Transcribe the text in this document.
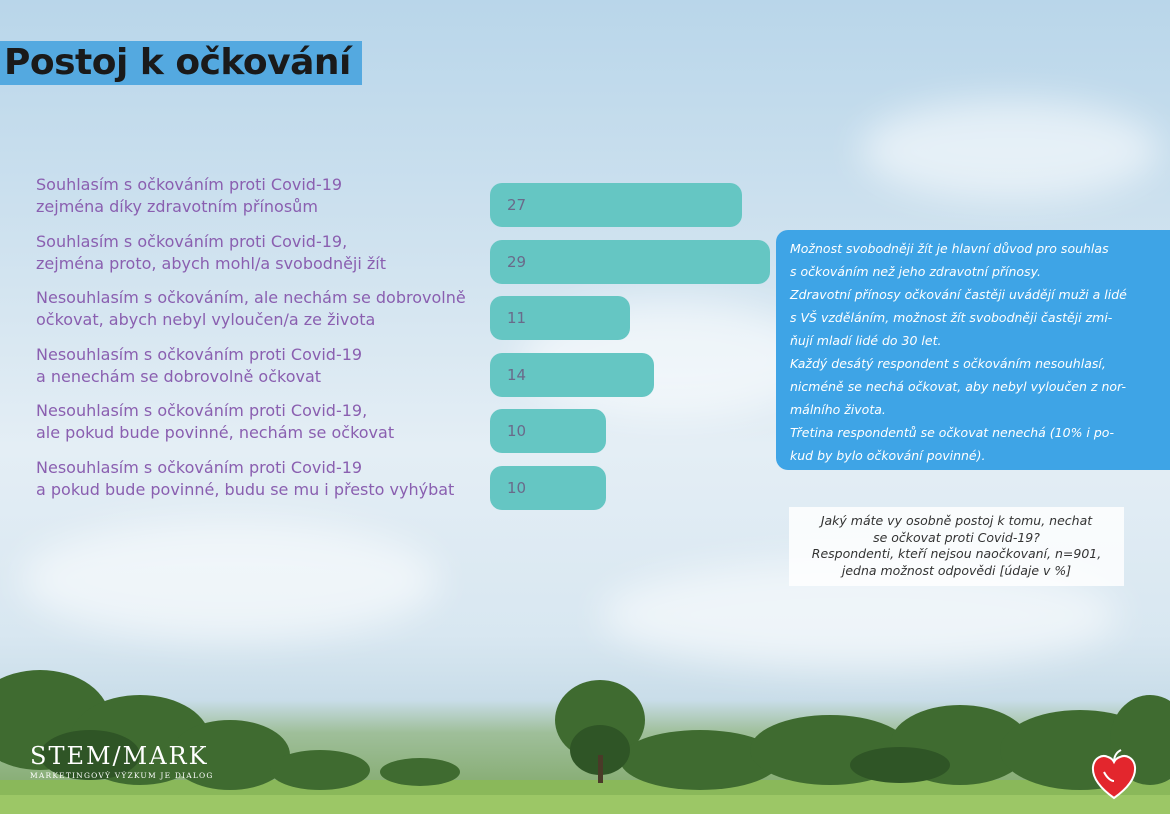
Postoj k očkování
Souhlasím s očkováním proti Covid-19
zejména díky zdravotním přínosům	27
Souhlasím s očkováním proti Covid-19,
zejména proto, abych mohl/a svobodněji žít	29
Nesouhlasím s očkováním, ale nechám se dobrovolně
očkovat, abych nebyl vyloučen/a ze života	11
Nesouhlasím s očkováním proti Covid-19
a nenechám se dobrovolně očkovat	14
Nesouhlasím s očkováním proti Covid-19,
ale pokud bude povinné, nechám se očkovat	10
Nesouhlasím s očkováním proti Covid-19
a pokud bude povinné, budu se mu i přesto vyhýbat	10
Možnost svobodněji žít je hlavní důvod pro souhlas
s očkováním než jeho zdravotní přínosy.
Zdravotní přínosy očkování častěji uvádějí muži a lidé
s VŠ vzděláním, možnost žít svobodněji častěji zmi-
ňují mladí lidé do 30 let.
Každý desátý respondent s očkováním nesouhlasí,
nicméně se nechá očkovat, aby nebyl vyloučen z nor-
málního života.
Třetina respondentů se očkovat nenechá (10% i po-
kud by bylo očkování povinné).
Jaký máte vy osobně postoj k tomu, nechat
se očkovat proti Covid-19?
Respondenti, kteří nejsou naočkovaní, n=901,
jedna možnost odpovědi [údaje v %]
STEM/MARK
MARKETINGOVÝ VÝZKUM JE DIALOG
